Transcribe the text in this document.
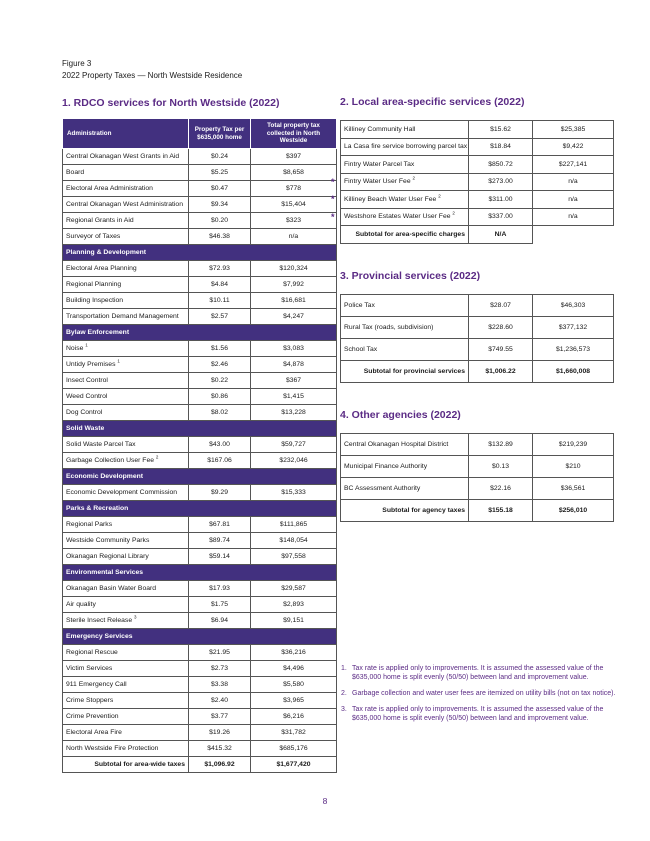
Figure 3
2022 Property Taxes — North Westside Residence
1. RDCO services for North Westside (2022)
Administration	Property Tax per $635,000 home	Total property tax collected in North Westside
Central Okanagan West Grants in Aid	$0.24	$397
Board	$5.25	$8,658
Electoral Area Administration	$0.47	$778
Central Okanagan West Administration	$9.34	$15,404
Regional Grants in Aid	$0.20	$323
Surveyor of Taxes	$46.38	n/a
Planning & Development		
Electoral Area Planning	$72.93	$120,324
Regional Planning	$4.84	$7,992
Building Inspection	$10.11	$16,681
Transportation Demand Management	$2.57	$4,247
Bylaw Enforcement		
Noise $^1$	$1.56	$3,083
Untidy Premises $^1$	$2.46	$4,878
Insect Control	$0.22	$367
Weed Control	$0.86	$1,415
Dog Control	$8.02	$13,228
Solid Waste		
Solid Waste Parcel Tax	$43.00	$59,727
Garbage Collection User Fee $^2$	$167.06	$232,046
Economic Development		
Economic Development Commission	$9.29	$15,333
Parks & Recreation		
Regional Parks	$67.81	$111,865
Westside Community Parks	$89.74	$148,054
Okanagan Regional Library	$59.14	$97,558
Environmental Services		
Okanagan Basin Water Board	$17.93	$29,587
Air quality	$1.75	$2,893
Sterile Insect Release $^3$	$6.94	$9,151
Emergency Services		
Regional Rescue	$21.95	$36,216
Victim Services	$2.73	$4,496
911 Emergency Call	$3.38	$5,580
Crime Stoppers	$2.40	$3,965
Crime Prevention	$3.77	$6,216
Electoral Area Fire	$19.26	$31,782
North Westside Fire Protection	$415.32	$685,176
Subtotal for area-wide taxes	$1,096.92	$1,677,420
2. Local area-specific services (2022)
Killiney Community Hall	$15.62	$25,385
La Casa fire service borrowing parcel tax	$18.84	$9,422
Fintry Water Parcel Tax	$850.72	$227,141

* Fintry Water User Fee $^2$	$273.00	n/a

* Killiney Beach Water User Fee $^2$	$311.00	n/a

* Westshore Estates Water User Fee $^2$	$337.00	n/a
Subtotal for area-specific charges	N/A	
3. Provincial services (2022)
Police Tax	$28.07	$46,303
Rural Tax (roads, subdivision)	$228.60	$377,132
School Tax	$749.55	$1,236,573
Subtotal for provincial services	$1,006.22	$1,660,008
4. Other agencies (2022)
Central Okanagan Hospital District	$132.89	$219,239
Municipal Finance Authority	$0.13	$210
BC Assessment Authority	$22.16	$36,561
Subtotal for agency taxes	$155.18	$256,010
1. Tax rate is applied only to improvements. It is assumed the assessed value of the $635,000 home is split evenly (50/50) between land and improvement value.
2. Garbage collection and water user fees are itemized on utility bills (not on tax notice).
3. Tax rate is applied only to improvements. It is assumed the assessed value of the $635,000 home is split evenly (50/50) between land and improvement value.
8
